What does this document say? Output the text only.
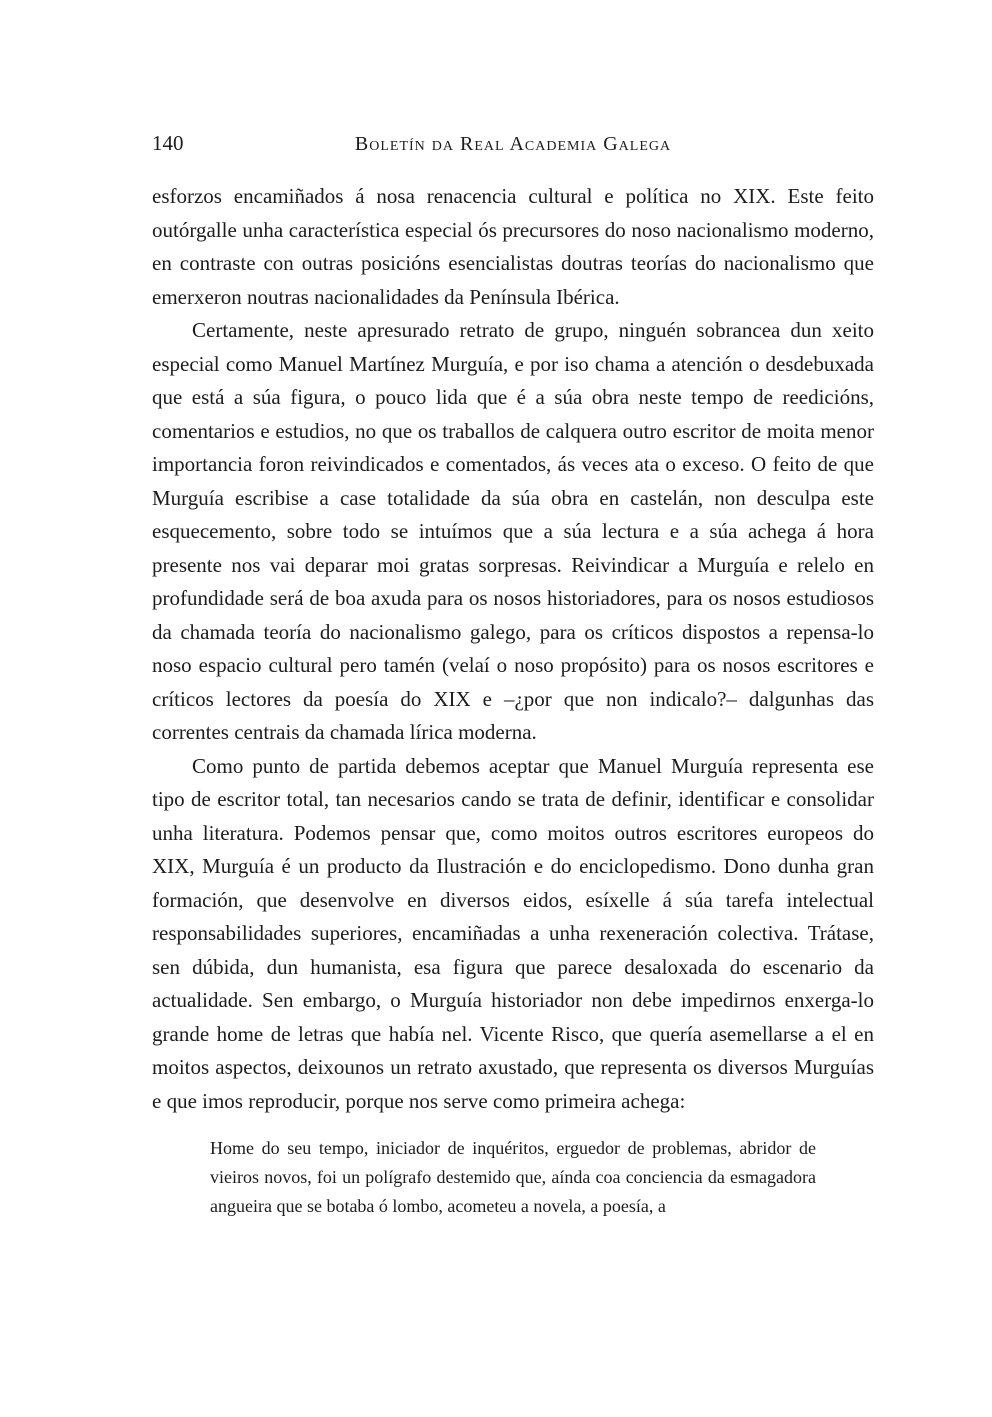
140	Boletín da Real Academia Galega

esforzos encamiñados á nosa renacencia cultural e política no XIX. Este feito outórgalle unha característica especial ós precursores do noso nacionalismo moderno, en contraste con outras posicións esencialistas doutras teorías do nacionalismo que emerxeron noutras nacionalidades da Península Ibérica.

Certamente, neste apresurado retrato de grupo, ninguén sobrancea dun xeito especial como Manuel Martínez Murguía, e por iso chama a atención o desdebuxada que está a súa figura, o pouco lida que é a súa obra neste tempo de reedicións, comentarios e estudios, no que os traballos de calquera outro escritor de moita menor importancia foron reivindicados e comentados, ás veces ata o exceso. O feito de que Murguía escribise a case totalidade da súa obra en castelán, non desculpa este esquecemento, sobre todo se intuímos que a súa lectura e a súa achega á hora presente nos vai deparar moi gratas sorpresas. Reivindicar a Murguía e relelo en profundidade será de boa axuda para os nosos historiadores, para os nosos estudiosos da chamada teoría do nacionalismo galego, para os críticos dispostos a repensa-lo noso espacio cultural pero tamén (velaí o noso propósito) para os nosos escritores e críticos lectores da poesía do XIX e –¿por que non indicalo?– dalgunhas das correntes centrais da chamada lírica moderna.

Como punto de partida debemos aceptar que Manuel Murguía representa ese tipo de escritor total, tan necesarios cando se trata de definir, identificar e consolidar unha literatura. Podemos pensar que, como moitos outros escritores europeos do XIX, Murguía é un producto da Ilustración e do enciclopedismo. Dono dunha gran formación, que desenvolve en diversos eidos, esíxelle á súa tarefa intelectual responsabilidades superiores, encamiñadas a unha rexeneración colectiva. Trátase, sen dúbida, dun humanista, esa figura que parece desaloxada do escenario da actualidade. Sen embargo, o Murguía historiador non debe impedirnos enxerga-lo grande home de letras que había nel. Vicente Risco, que quería asemellarse a el en moitos aspectos, deixounos un retrato axustado, que representa os diversos Murguías e que imos reproducir, porque nos serve como primeira achega:

Home do seu tempo, iniciador de inquéritos, erguedor de problemas, abridor de vieiros novos, foi un polígrafo destemido que, aínda coa conciencia da esmagadora angueira que se botaba ó lombo, acometeu a novela, a poesía, a
